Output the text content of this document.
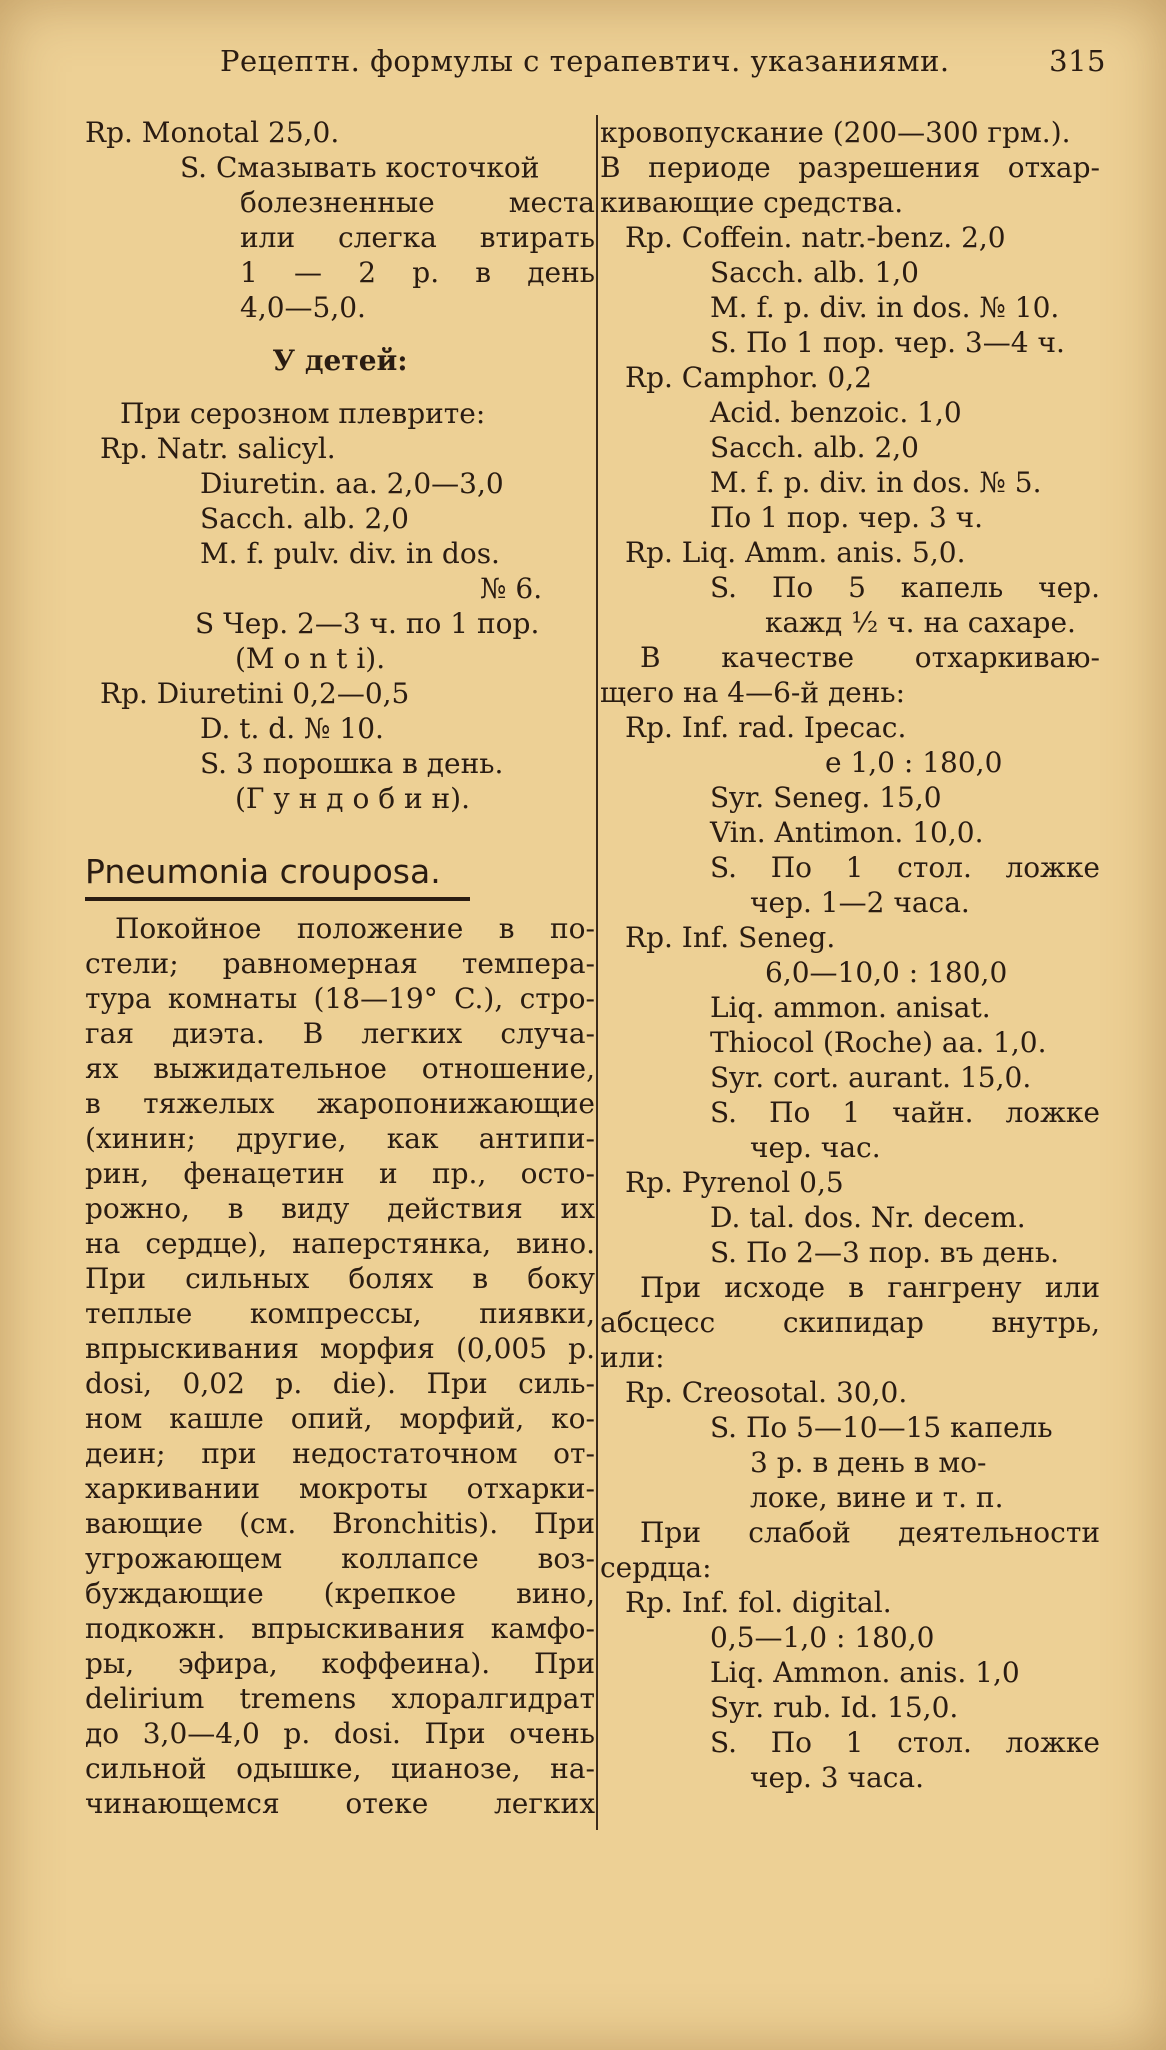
Рецептн. формулы с терапевтич. указаниями.	315
Rp. Monotal 25,0.
S. Смазывать косточкой
болезненные места
или слегка втирать
1 — 2 р. в день
4,0—5,0.
У детей:
При серозном плеврите:
Rp. Natr. salicyl.
Diuretin. aa. 2,0—3,0
Sacch. alb. 2,0
M. f. pulv. div. in dos.
№ 6.
S Чер. 2—3 ч. по 1 пор.
(M o n t i).
Rp. Diuretini 0,2—0,5
D. t. d. № 10.
S. 3 порошка в день.
(Г у н д о б и н).
Pneumonia crouposa.
Покойное положение в по-
стели; равномерная темпера-
тура комнаты (18—19° C.), стро-
гая диэта. В легких случа-
ях выжидательное отношение,
в тяжелых жаропонижающие
(хинин; другие, как антипи-
рин, фенацетин и пр., осто-
рожно, в виду действия их
на сердце), наперстянка, вино.
При сильных болях в боку
теплые компрессы, пиявки,
впрыскивания морфия (0,005 р.
dosi, 0,02 р. die). При силь-
ном кашле опий, морфий, ко-
деин; при недостаточном от-
харкивании мокроты отхарки-
вающие (см. Bronchitis). При
угрожающем коллапсе воз-
буждающие (крепкое вино,
подкожн. впрыскивания камфо-
ры, эфира, коффеина). При
delirium tremens хлоралгидрат
до 3,0—4,0 р. dosi. При очень
сильной одышке, цианозе, на-
чинающемся отеке легких
кровопускание (200—300 грм.).
В периоде разрешения отхар-
кивающие средства.
Rp. Coffein. natr.-benz. 2,0
Sacch. alb. 1,0
M. f. p. div. in dos. № 10.
S. По 1 пор. чер. 3—4 ч.
Rp. Camphor. 0,2
Acid. benzoic. 1,0
Sacch. alb. 2,0
M. f. p. div. in dos. № 5.
По 1 пор. чер. 3 ч.
Rp. Liq. Amm. anis. 5,0.
S. По 5 капель чер.
кажд ½ ч. на сахаре.
В качестве отхаркиваю-
щего на 4—6-й день:
Rp. Inf. rad. Ipecac.
e 1,0 : 180,0
Syr. Seneg. 15,0
Vin. Antimon. 10,0.
S. По 1 стол. ложке
чер. 1—2 часа.
Rp. Inf. Seneg.
6,0—10,0 : 180,0
Liq. ammon. anisat.
Thiocol (Roche) aa. 1,0.
Syr. cort. aurant. 15,0.
S. По 1 чайн. ложке
чер. час.
Rp. Pyrenol 0,5
D. tal. dos. Nr. decem.
S. По 2—3 пор. въ день.
При исходе в гангрену или
абсцесс скипидар внутрь,
или:
Rp. Creosotal. 30,0.
S. По 5—10—15 капель
3 р. в день в мо-
локе, вине и т. п.
При слабой деятельности
сердца:
Rp. Inf. fol. digital.
0,5—1,0 : 180,0
Liq. Ammon. anis. 1,0
Syr. rub. Id. 15,0.
S. По 1 стол. ложке
чер. 3 часа.
